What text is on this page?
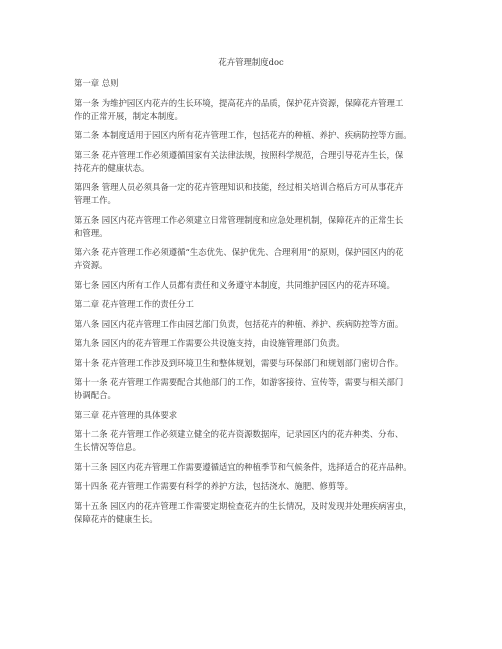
花卉管理制度doc

第一章 总则

第一条 为维护园区内花卉的生长环境，提高花卉的品质，保护花卉资源，保障花卉管理工
作的正常开展，制定本制度。

第二条 本制度适用于园区内所有花卉管理工作，包括花卉的种植、养护、疾病防控等方面。

第三条 花卉管理工作必须遵循国家有关法律法规，按照科学规范，合理引导花卉生长，保
持花卉的健康状态。

第四条 管理人员必须具备一定的花卉管理知识和技能，经过相关培训合格后方可从事花卉
管理工作。

第五条 园区内花卉管理工作必须建立日常管理制度和应急处理机制，保障花卉的正常生长
和管理。

第六条 花卉管理工作必须遵循“生态优先、保护优先、合理利用”的原则，保护园区内的花
卉资源。

第七条 园区内所有工作人员都有责任和义务遵守本制度，共同维护园区内的花卉环境。

第二章 花卉管理工作的责任分工

第八条 园区内花卉管理工作由园艺部门负责，包括花卉的种植、养护、疾病防控等方面。

第九条 园区内的花卉管理工作需要公共设施支持，由设施管理部门负责。

第十条 花卉管理工作涉及到环境卫生和整体规划，需要与环保部门和规划部门密切合作。

第十一条 花卉管理工作需要配合其他部门的工作，如游客接待、宣传等，需要与相关部门
协调配合。

第三章 花卉管理的具体要求

第十二条 花卉管理工作必须建立健全的花卉资源数据库，记录园区内的花卉种类、分布、
生长情况等信息。

第十三条 园区内花卉管理工作需要遵循适宜的种植季节和气候条件，选择适合的花卉品种。

第十四条 花卉管理工作需要有科学的养护方法，包括浇水、施肥、修剪等。

第十五条 园区内的花卉管理工作需要定期检查花卉的生长情况，及时发现并处理疾病害虫，
保障花卉的健康生长。
